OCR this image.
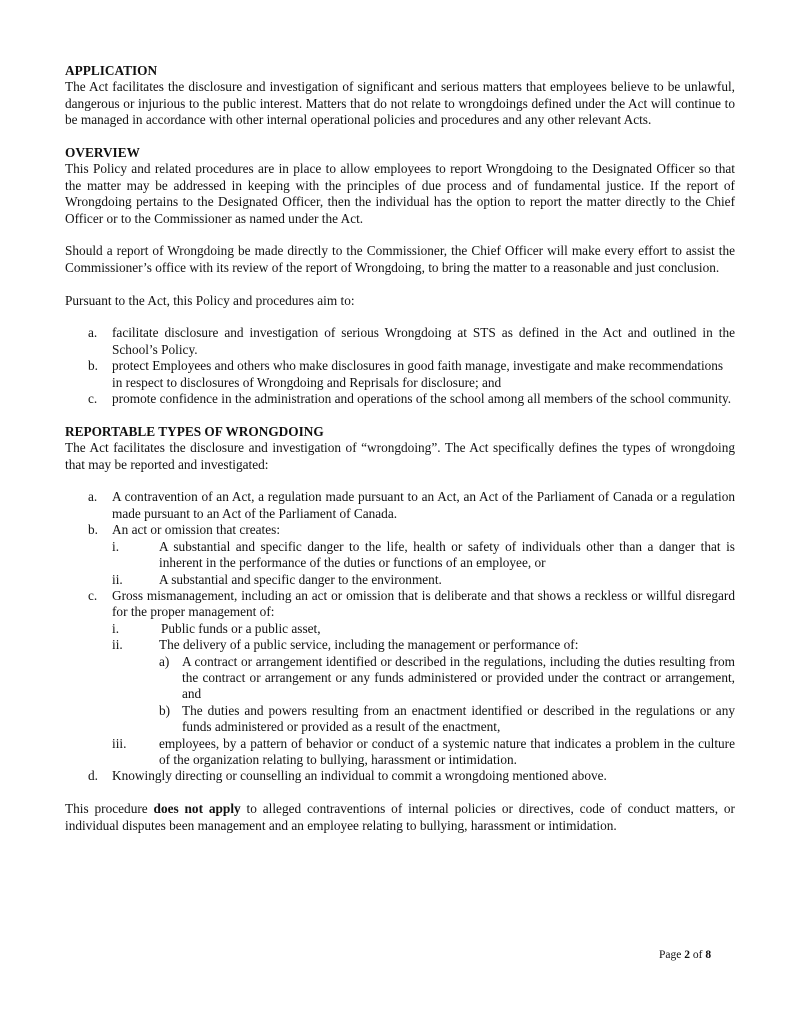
APPLICATION

The Act facilitates the disclosure and investigation of significant and serious matters that employees believe to be unlawful, dangerous or injurious to the public interest. Matters that do not relate to wrongdoings defined under the Act will continue to be managed in accordance with other internal operational policies and procedures and any other relevant Acts.

OVERVIEW

This Policy and related procedures are in place to allow employees to report Wrongdoing to the Designated Officer so that the matter may be addressed in keeping with the principles of due process and of fundamental justice. If the report of Wrongdoing pertains to the Designated Officer, then the individual has the option to report the matter directly to the Chief Officer or to the Commissioner as named under the Act.

Should a report of Wrongdoing be made directly to the Commissioner, the Chief Officer will make every effort to assist the Commissioner’s office with its review of the report of Wrongdoing, to bring the matter to a reasonable and just conclusion.

Pursuant to the Act, this Policy and procedures aim to:

a.	facilitate disclosure and investigation of serious Wrongdoing at STS as defined in the Act and outlined in the School’s Policy.
b.	protect Employees and others who make disclosures in good faith manage, investigate and make recommendations in respect to disclosures of Wrongdoing and Reprisals for disclosure; and
c.	promote confidence in the administration and operations of the school among all members of the school community.
REPORTABLE TYPES OF WRONGDOING

The Act facilitates the disclosure and investigation of “wrongdoing”. The Act specifically defines the types of wrongdoing that may be reported and investigated:

a.	A contravention of an Act, a regulation made pursuant to an Act, an Act of the Parliament of Canada or a regulation made pursuant to an Act of the Parliament of Canada.
b.	An act or omission that creates:
i.	A substantial and specific danger to the life, health or safety of individuals other than a danger that is inherent in the performance of the duties or functions of an employee, or
ii.	A substantial and specific danger to the environment.
c.	Gross mismanagement, including an act or omission that is deliberate and that shows a reckless or willful disregard for the proper management of:
i.	Public funds or a public asset,
ii.	The delivery of a public service, including the management or performance of:
a) A contract or arrangement identified or described in the regulations, including the duties resulting from the contract or arrangement or any funds administered or provided under the contract or arrangement, and
b) The duties and powers resulting from an enactment identified or described in the regulations or any funds administered or provided as a result of the enactment,
iii.	employees, by a pattern of behavior or conduct of a systemic nature that indicates a problem in the culture of the organization relating to bullying, harassment or intimidation.
d.	Knowingly directing or counselling an individual to commit a wrongdoing mentioned above.

This procedure does not apply to alleged contraventions of internal policies or directives, code of conduct matters, or individual disputes been management and an employee relating to bullying, harassment or intimidation.

Page 2 of 8
